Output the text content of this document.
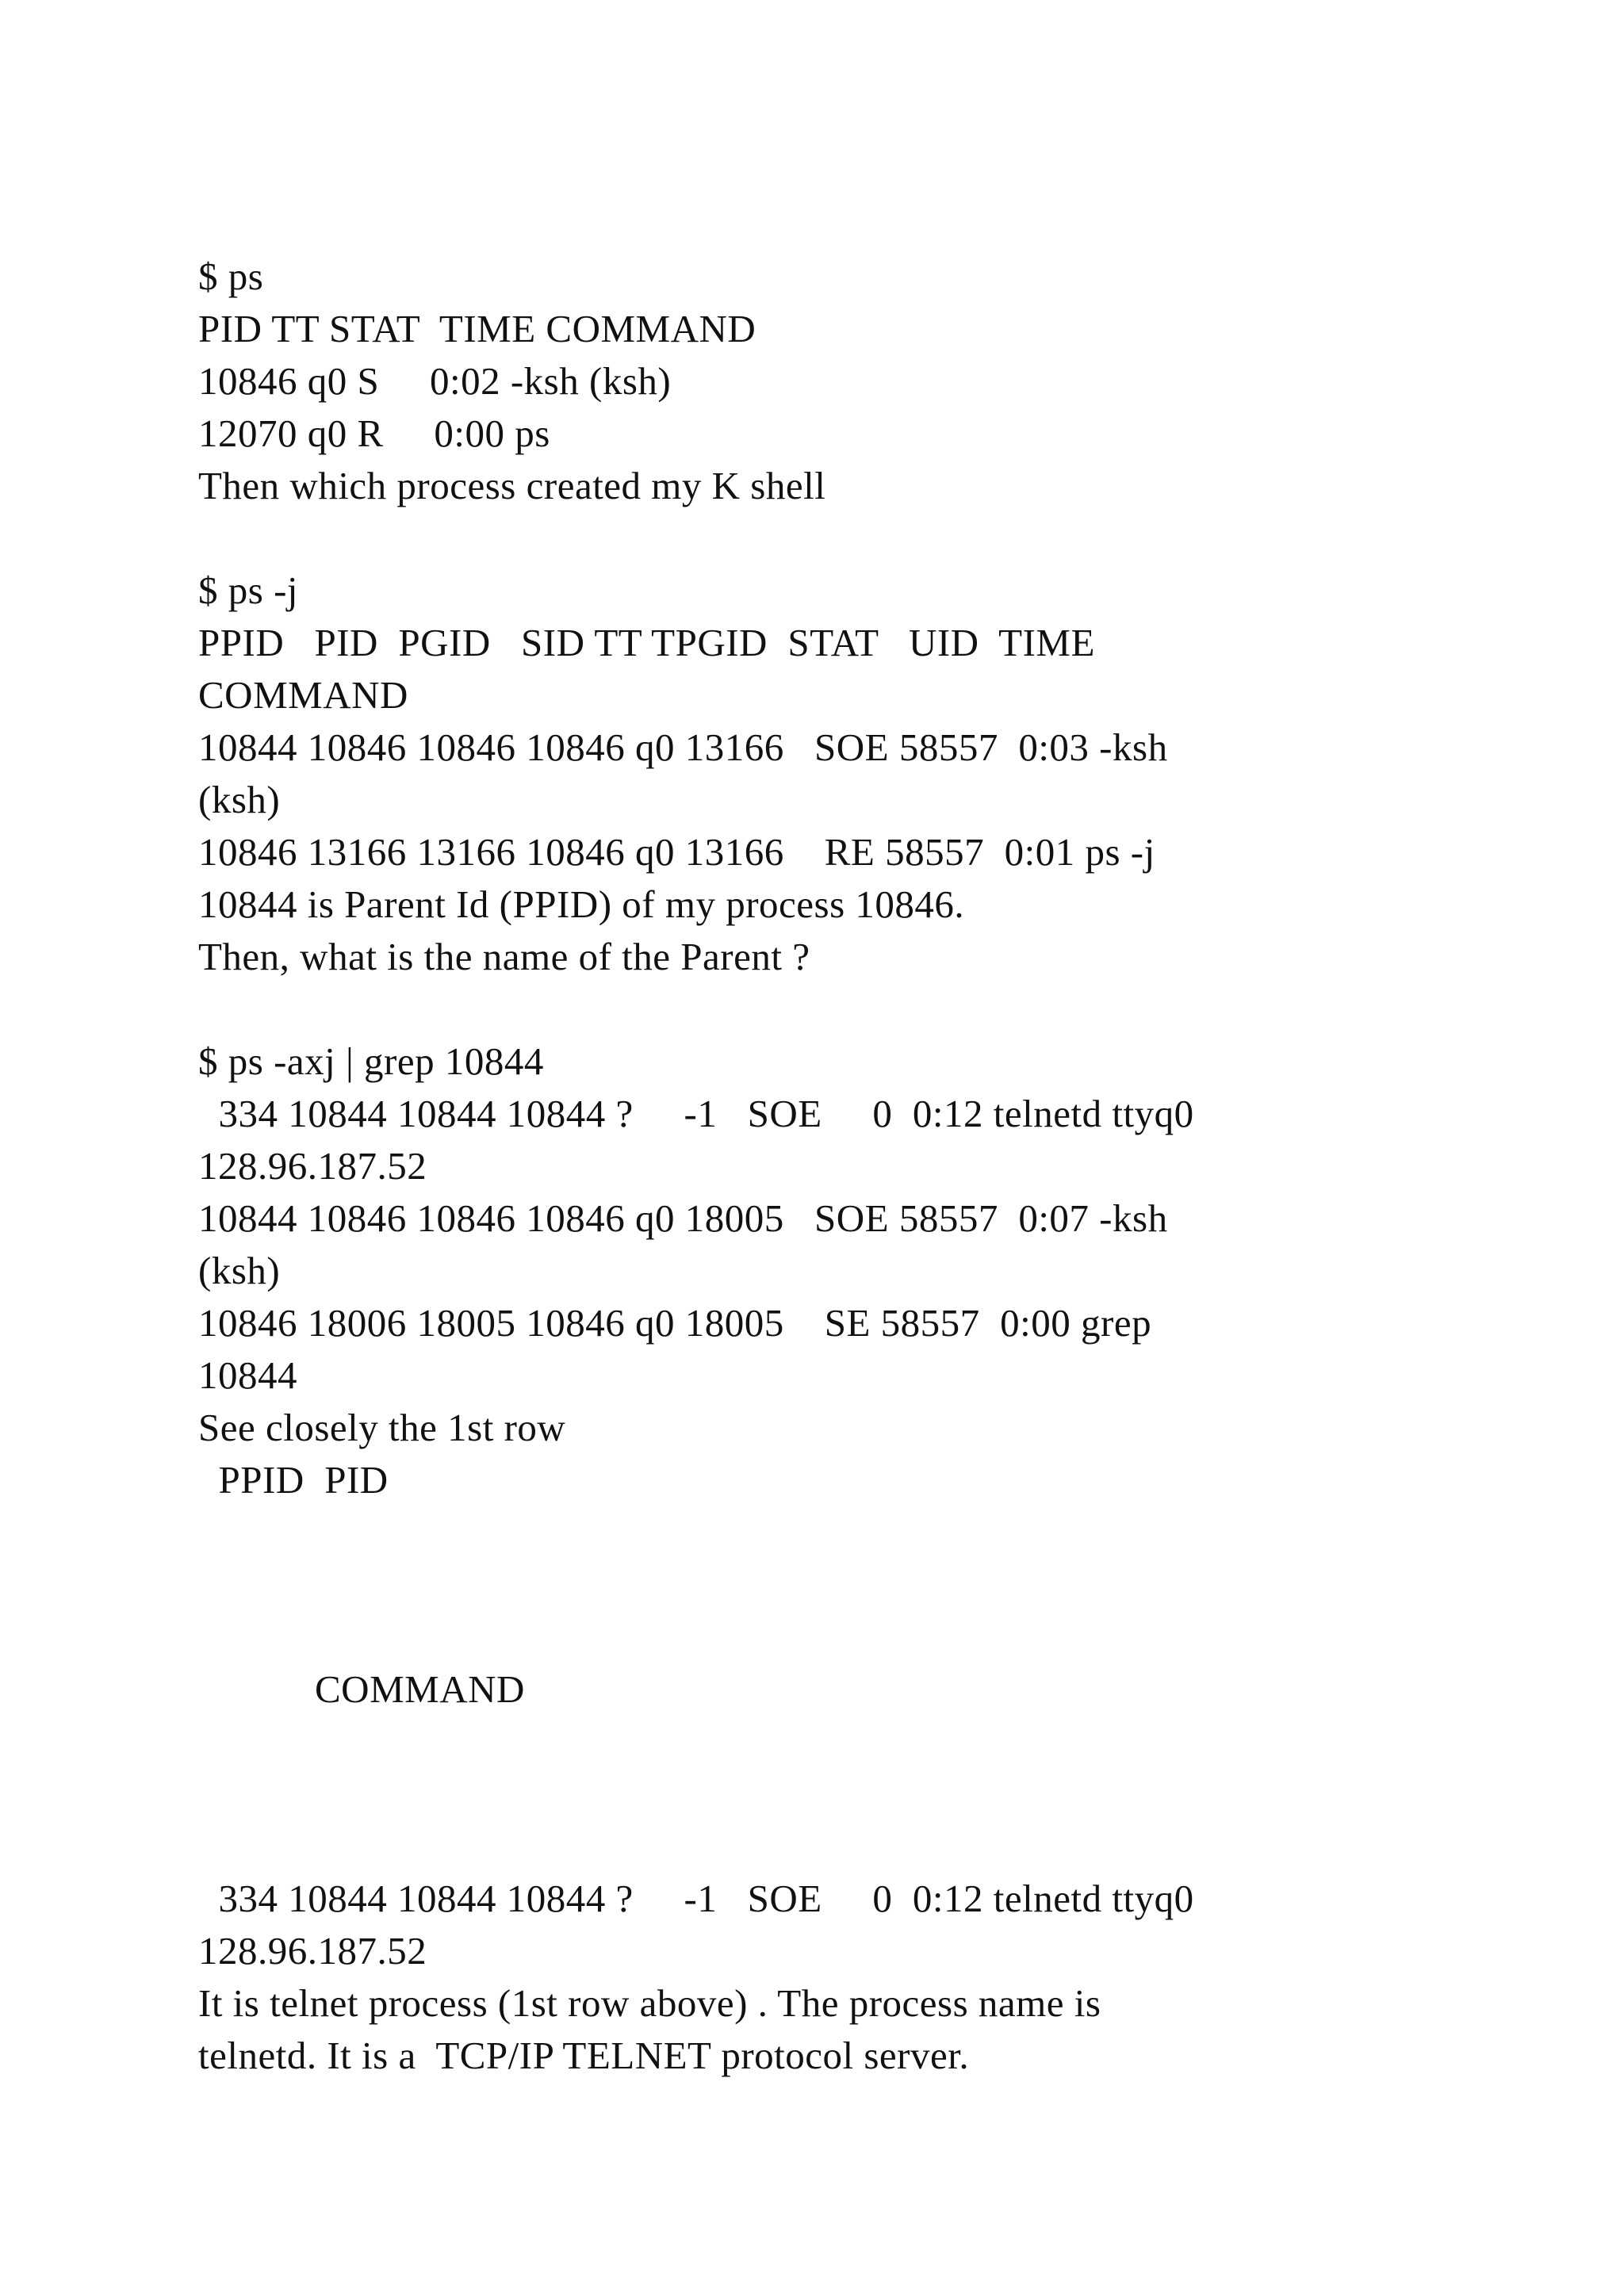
$ ps

PID TT STAT  TIME COMMAND

10846 q0 S     0:02 -ksh (ksh)

12070 q0 R     0:00 ps

Then which process created my K shell

$ ps -j

PPID   PID  PGID   SID TT TPGID  STAT   UID  TIME

COMMAND

10844 10846 10846 10846 q0 13166   SOE 58557  0:03 -ksh

(ksh)

10846 13166 13166 10846 q0 13166    RE 58557  0:01 ps -j

10844 is Parent Id (PPID) of my process 10846.

Then, what is the name of the Parent ?

$ ps -axj | grep 10844

334 10844 10844 10844 ?     -1   SOE     0  0:12 telnetd ttyq0

128.96.187.52

10844 10846 10846 10846 q0 18005   SOE 58557  0:07 -ksh

(ksh)

10846 18006 18005 10846 q0 18005    SE 58557  0:00 grep

10844

See closely the 1st row

PPID  PID

COMMAND

334 10844 10844 10844 ?     -1   SOE     0  0:12 telnetd ttyq0

128.96.187.52

It is telnet process (1st row above) . The process name is

telnetd. It is a  TCP/IP TELNET protocol server.
